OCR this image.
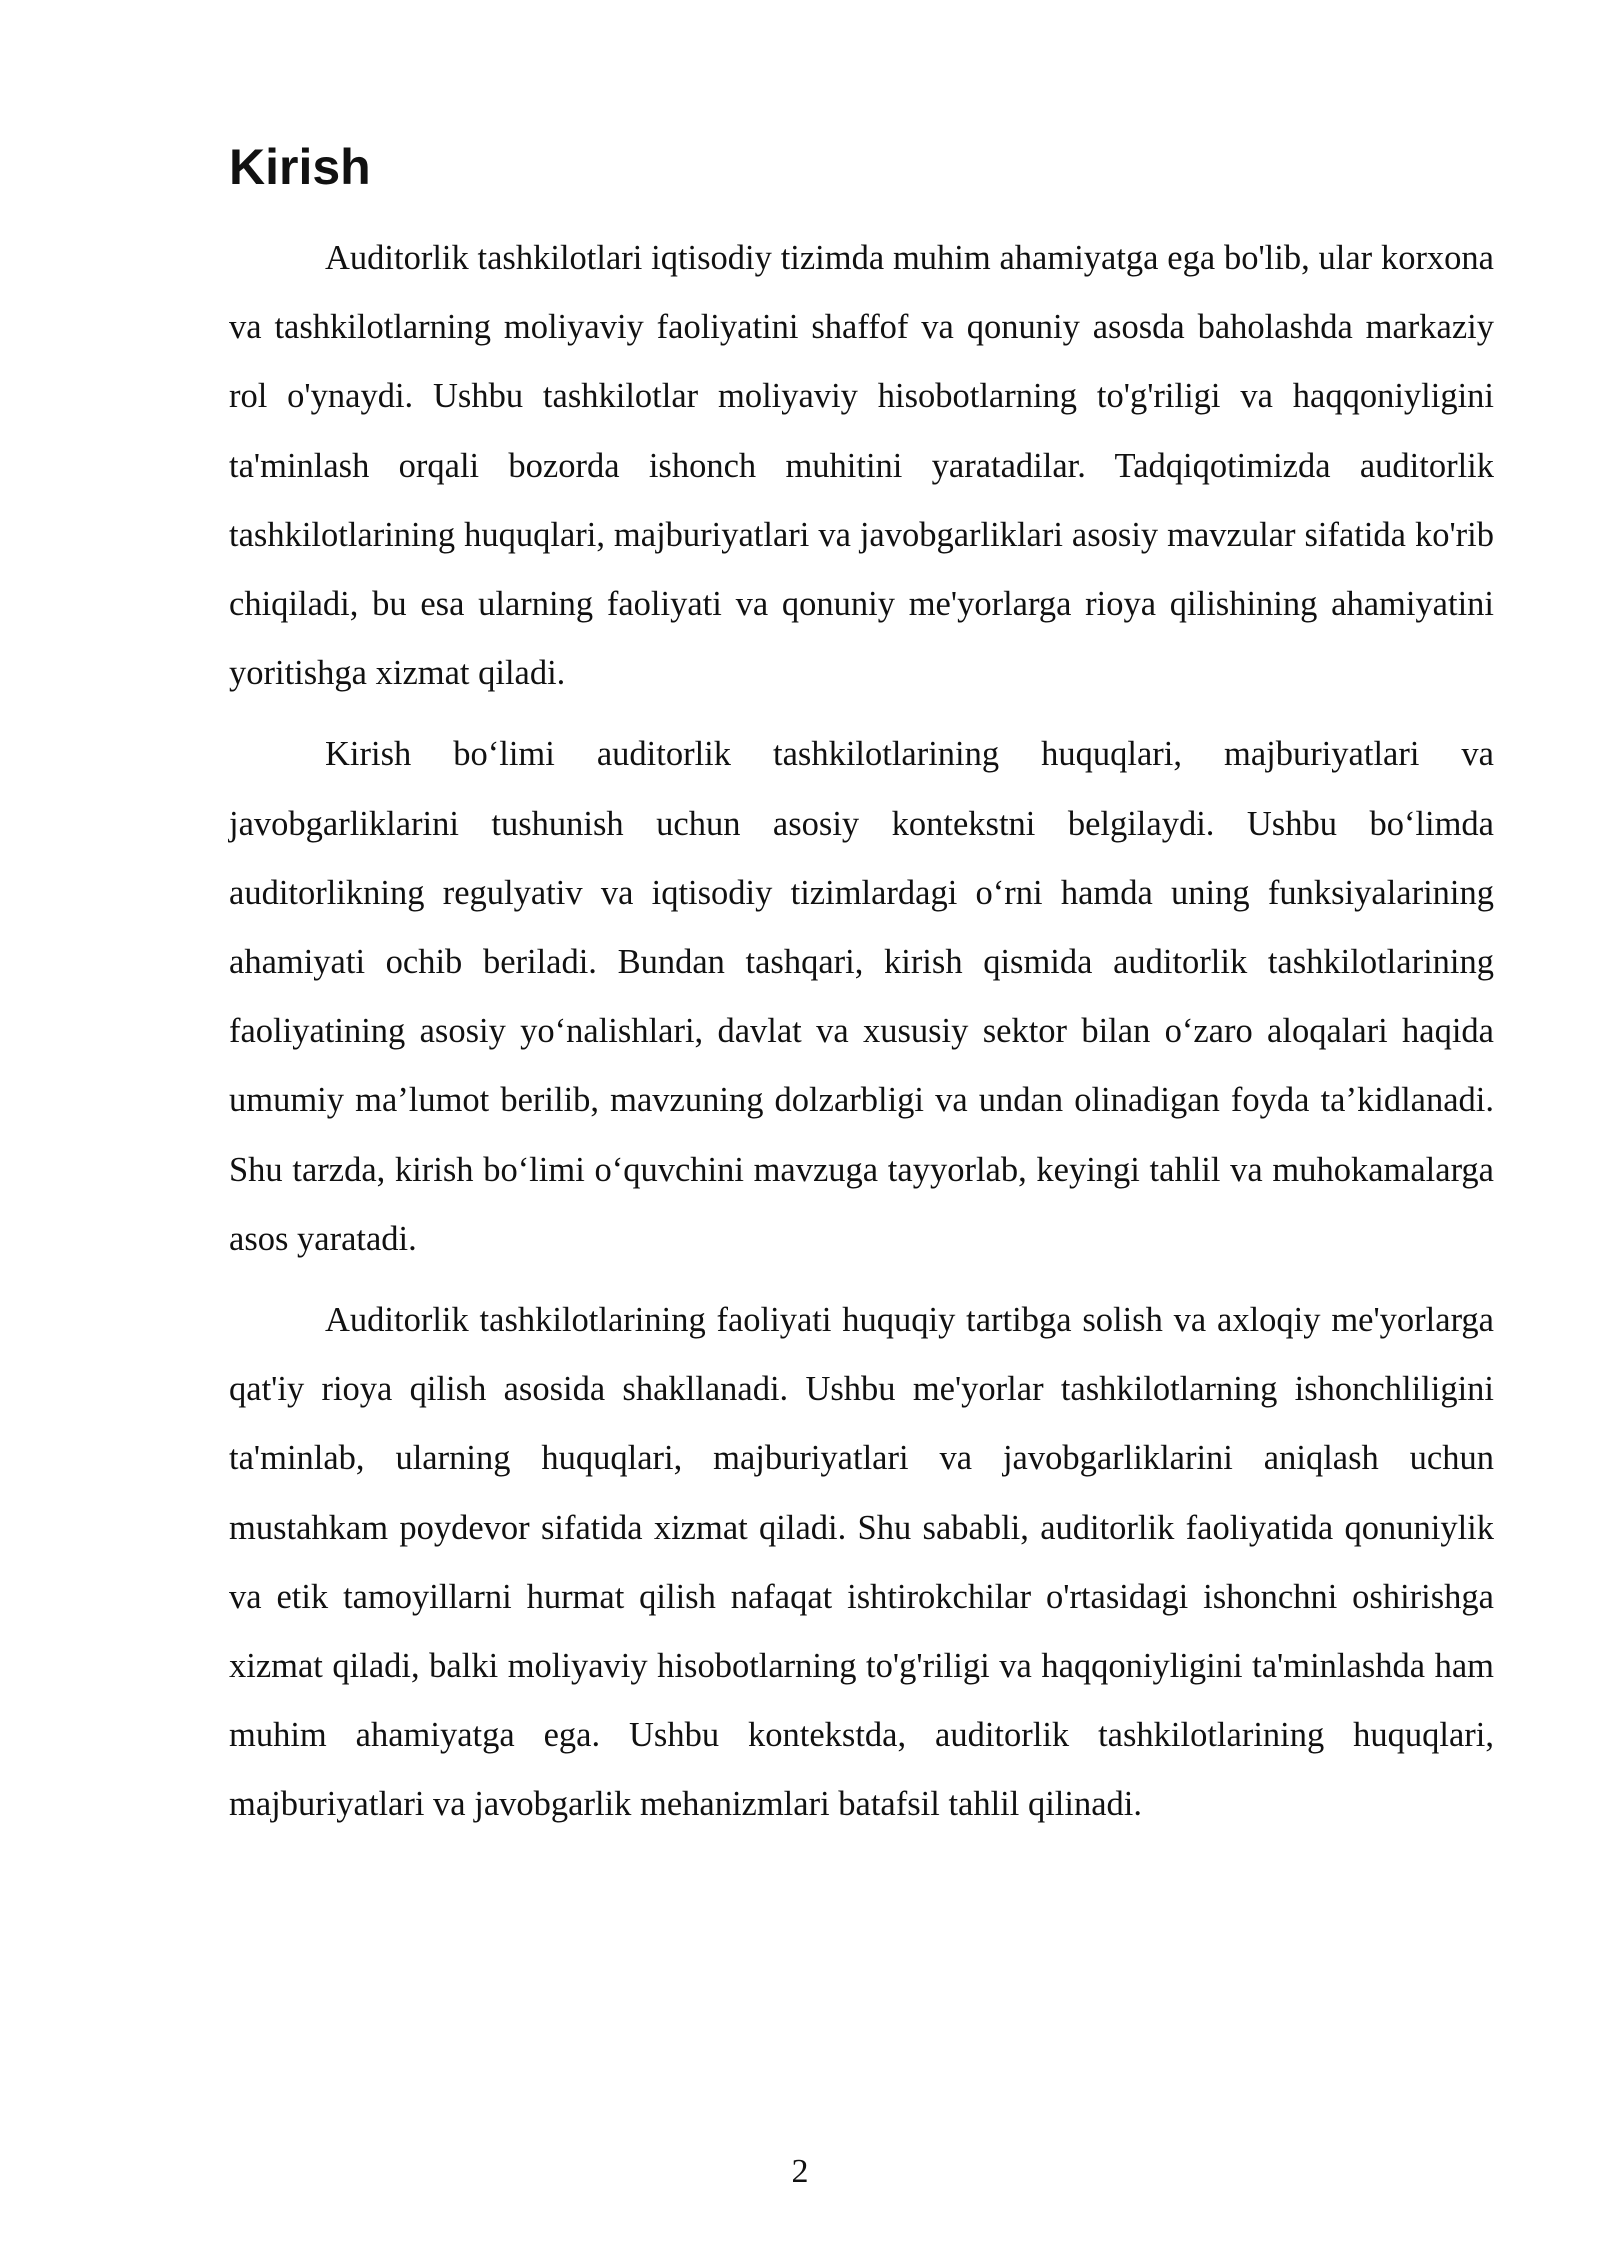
Kirish

Auditorlik tashkilotlari iqtisodiy tizimda muhim ahamiyatga ega bo'lib, ular korxona va tashkilotlarning moliyaviy faoliyatini shaffof va qonuniy asosda baholashda markaziy rol o'ynaydi. Ushbu tashkilotlar moliyaviy hisobotlarning to'g'riligi va haqqoniyligini ta'minlash orqali bozorda ishonch muhitini yaratadilar. Tadqiqotimizda auditorlik tashkilotlarining huquqlari, majburiyatlari va javobgarliklari asosiy mavzular sifatida ko'rib chiqiladi, bu esa ularning faoliyati va qonuniy me'yorlarga rioya qilishining ahamiyatini yoritishga xizmat qiladi.

Kirish bo‘limi auditorlik tashkilotlarining huquqlari, majburiyatlari va javobgarliklarini tushunish uchun asosiy kontekstni belgilaydi. Ushbu bo‘limda auditorlikning regulyativ va iqtisodiy tizimlardagi o‘rni hamda uning funksiyalarining ahamiyati ochib beriladi. Bundan tashqari, kirish qismida auditorlik tashkilotlarining faoliyatining asosiy yo‘nalishlari, davlat va xususiy sektor bilan o‘zaro aloqalari haqida umumiy ma’lumot berilib, mavzuning dolzarbligi va undan olinadigan foyda ta’kidlanadi. Shu tarzda, kirish bo‘limi o‘quvchini mavzuga tayyorlab, keyingi tahlil va muhokamalarga asos yaratadi.

Auditorlik tashkilotlarining faoliyati huquqiy tartibga solish va axloqiy me'yorlarga qat'iy rioya qilish asosida shakllanadi. Ushbu me'yorlar tashkilotlarning ishonchliligini ta'minlab, ularning huquqlari, majburiyatlari va javobgarliklarini aniqlash uchun mustahkam poydevor sifatida xizmat qiladi. Shu sababli, auditorlik faoliyatida qonuniylik va etik tamoyillarni hurmat qilish nafaqat ishtirokchilar o'rtasidagi ishonchni oshirishga xizmat qiladi, balki moliyaviy hisobotlarning to'g'riligi va haqqoniyligini ta'minlashda ham muhim ahamiyatga ega. Ushbu kontekstda, auditorlik tashkilotlarining huquqlari, majburiyatlari va javobgarlik mehanizmlari batafsil tahlil qilinadi.

2
